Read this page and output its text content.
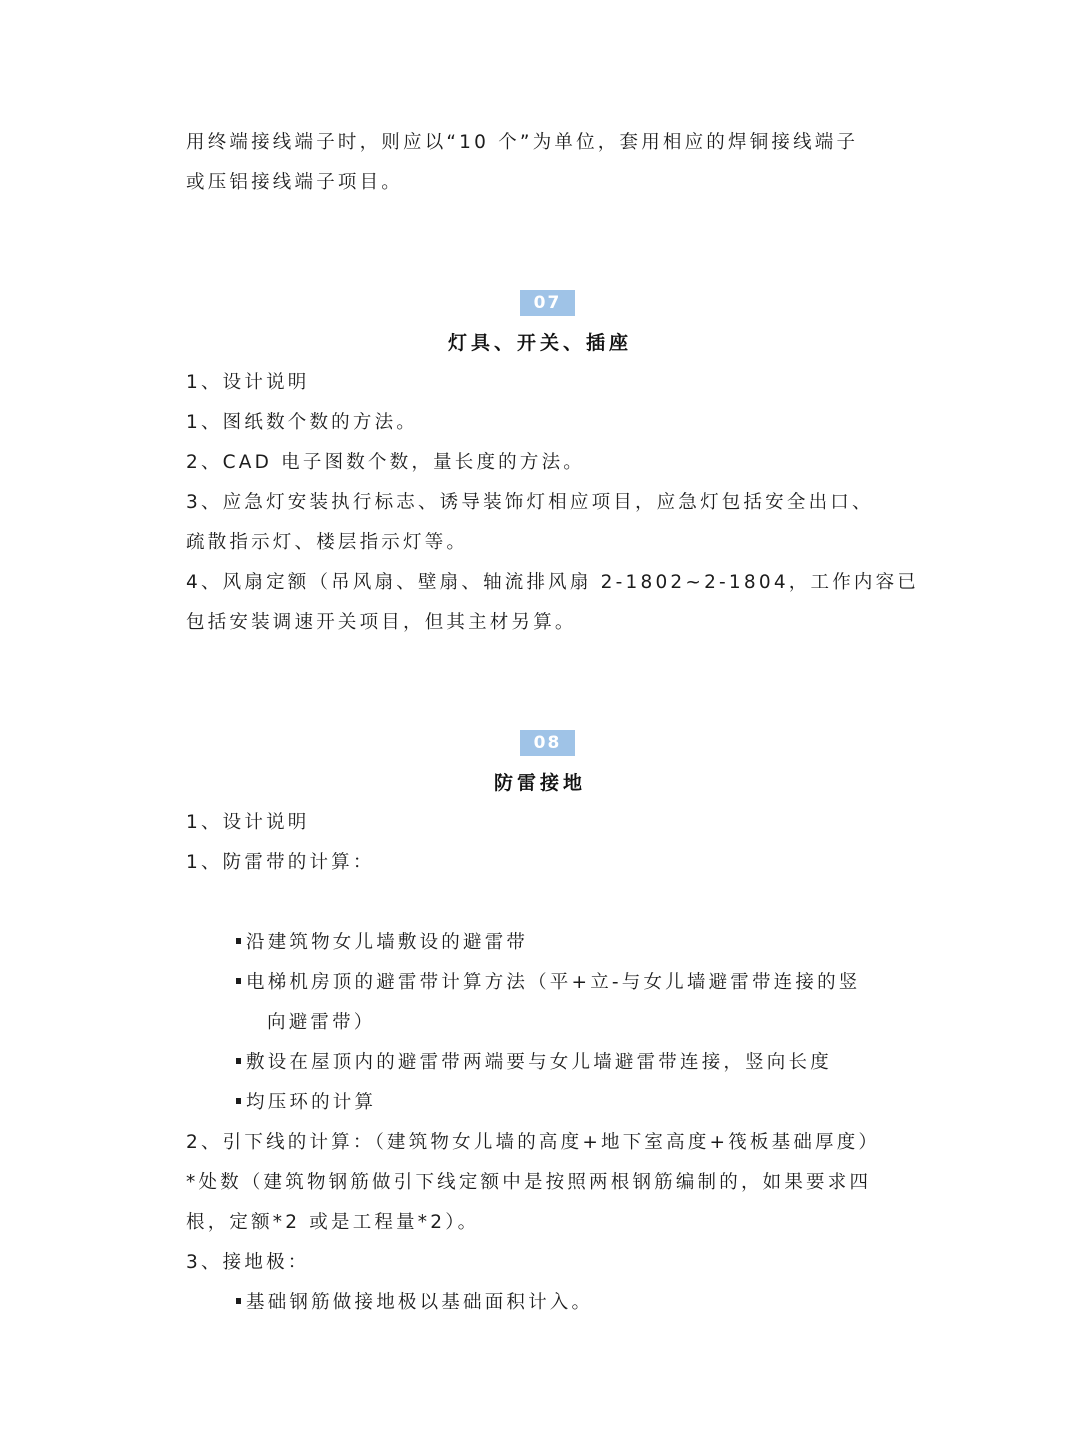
用终端接线端子时，则应以“10 个”为单位，套用相应的焊铜接线端子
或压铝接线端子项目。
07
灯具、开关、插座
1、设计说明
1、图纸数个数的方法。
2、CAD 电子图数个数，量长度的方法。
3、应急灯安装执行标志、诱导装饰灯相应项目，应急灯包括安全出口、
疏散指示灯、楼层指示灯等。
4、风扇定额（吊风扇、壁扇、轴流排风扇 2-1802~2-1804，工作内容已
包括安装调速开关项目，但其主材另算。
08
防雷接地
1、设计说明
1、防雷带的计算：
沿建筑物女儿墙敷设的避雷带
电梯机房顶的避雷带计算方法（平+立-与女儿墙避雷带连接的竖
向避雷带）
敷设在屋顶内的避雷带两端要与女儿墙避雷带连接，竖向长度
均压环的计算
2、引下线的计算：（建筑物女儿墙的高度+地下室高度+筏板基础厚度）
*处数（建筑物钢筋做引下线定额中是按照两根钢筋编制的，如果要求四
根，定额*2 或是工程量*2）。
3、接地极：
基础钢筋做接地极以基础面积计入。
